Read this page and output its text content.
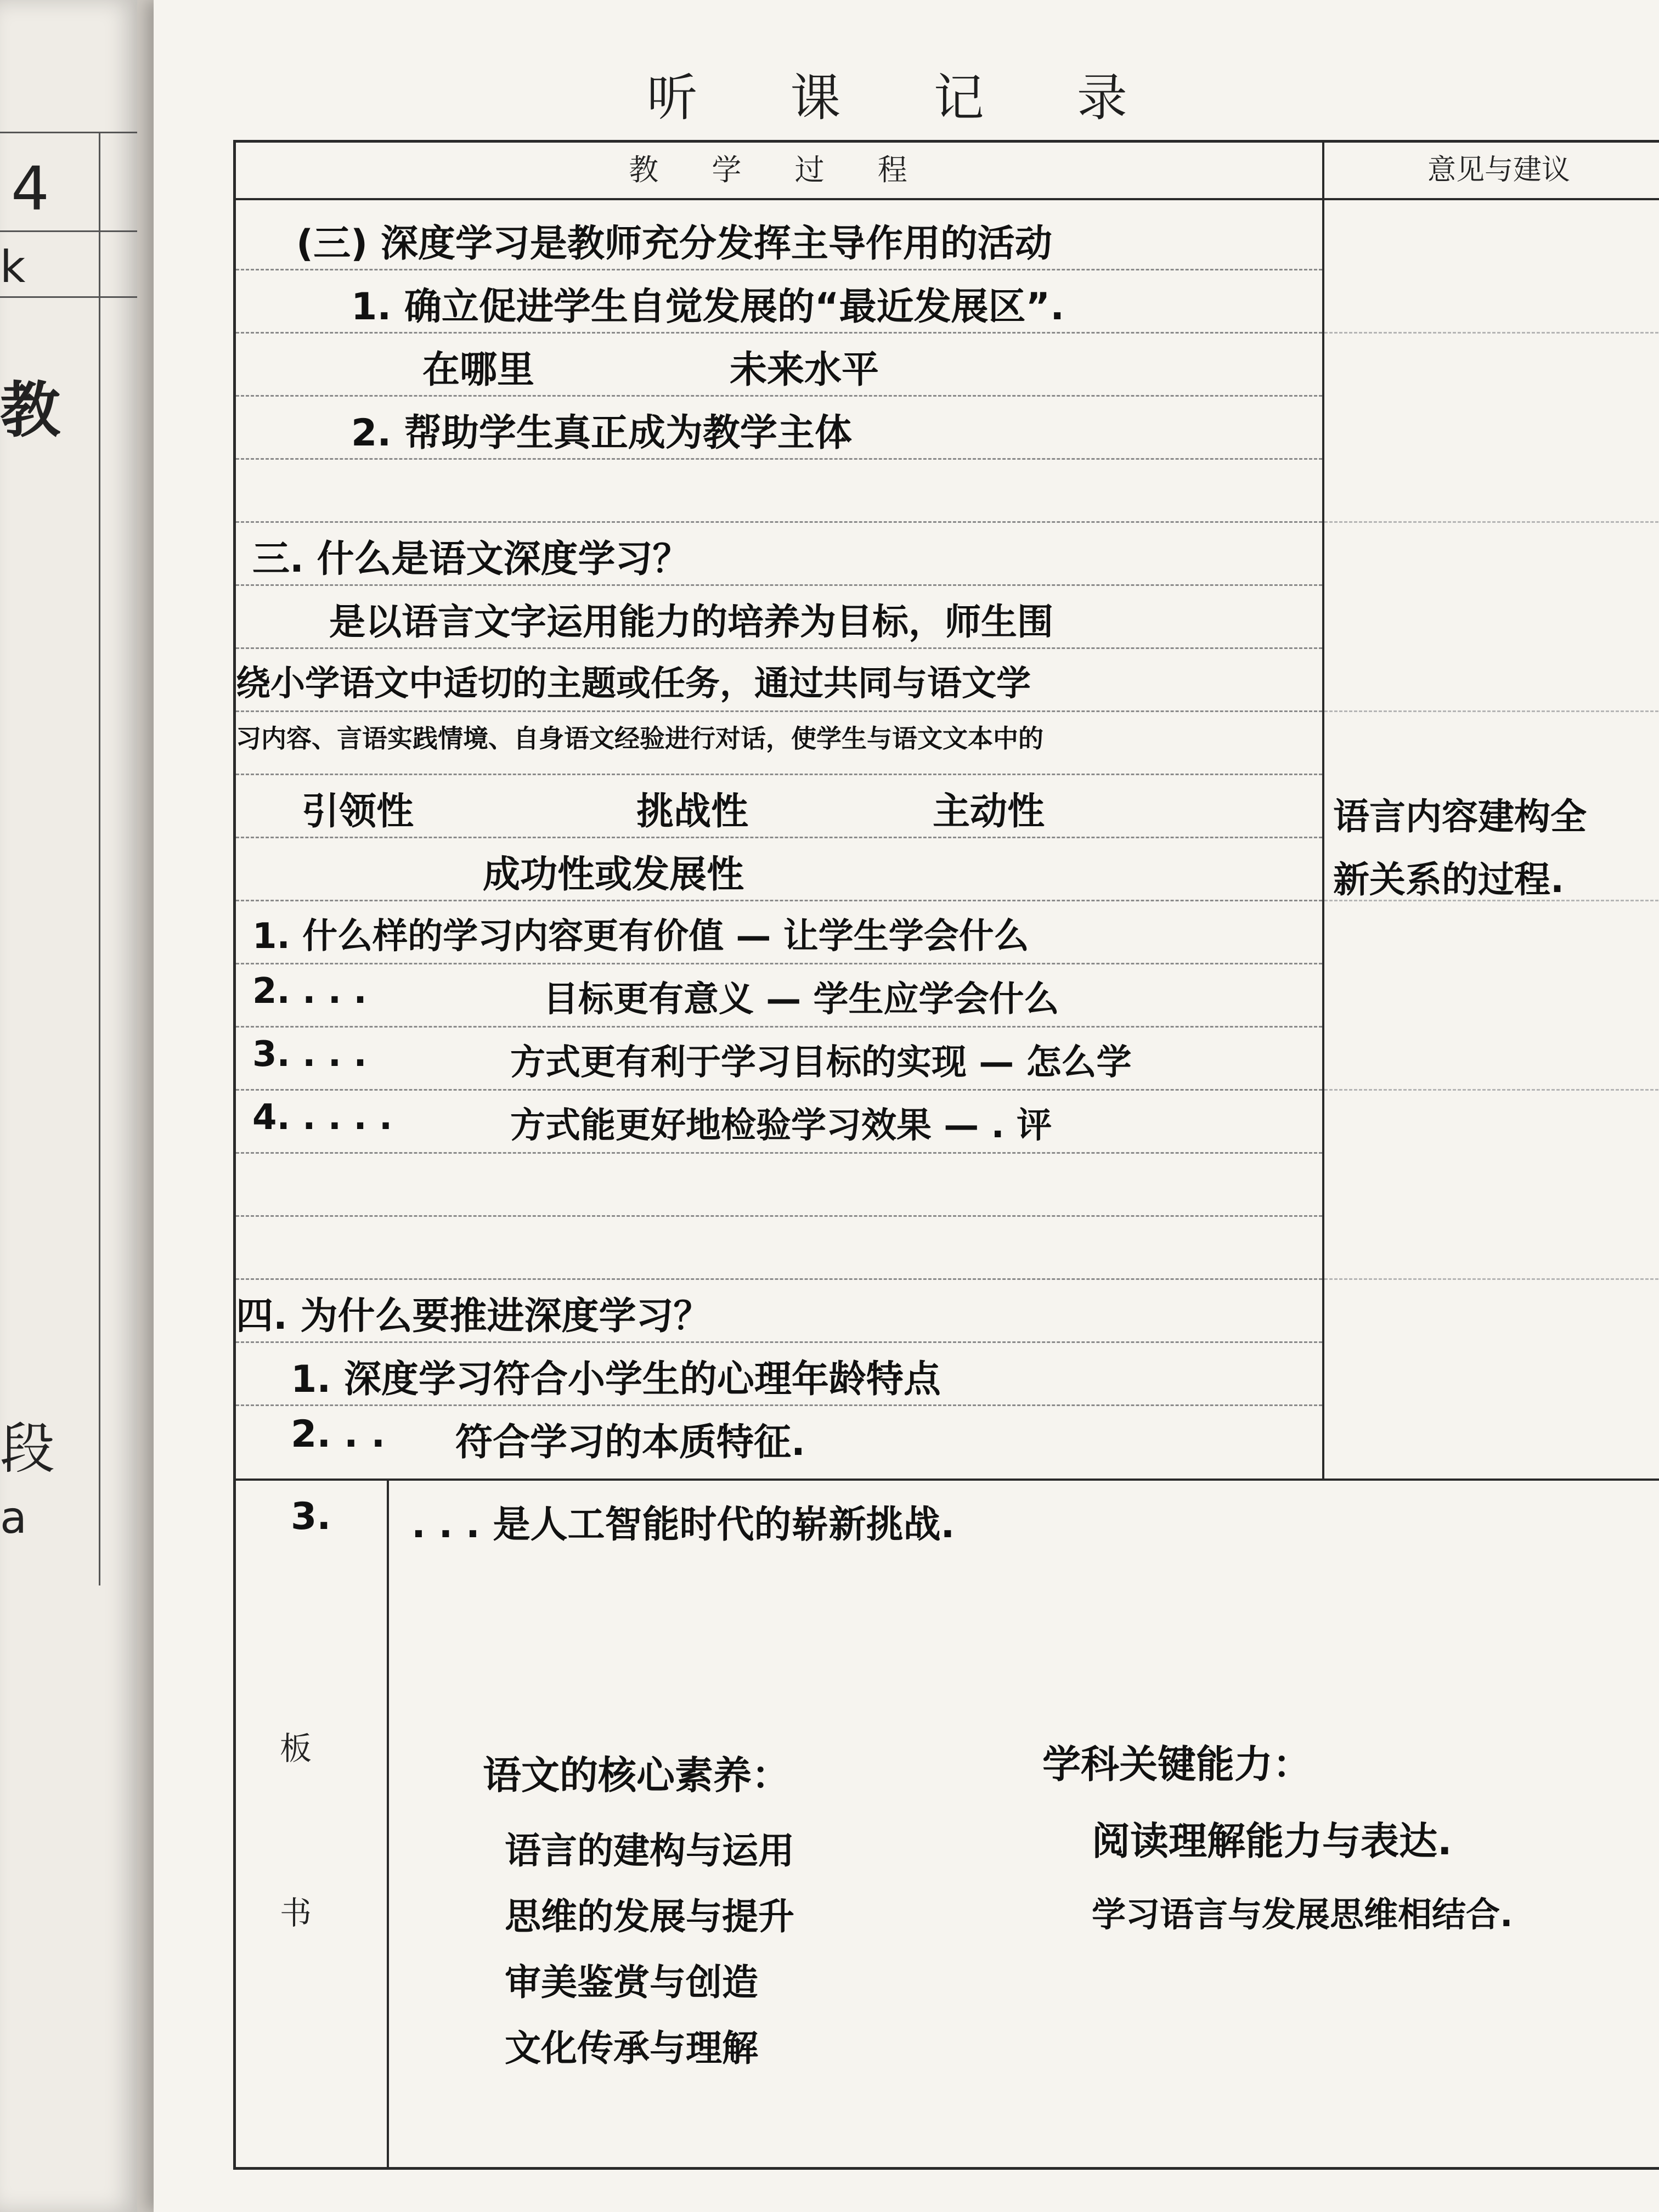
4
k
教
段
a
听 课 记 录
教 学 过 程	意见与建议
(三) 深度学习是教师充分发挥主导作用的活动
1. 确立促进学生自觉发展的“最近发展区”.
在哪里	未来水平
2. 帮助学生真正成为教学主体
三. 什么是语文深度学习？
是以语言文字运用能力的培养为目标，师生围
绕小学语文中适切的主题或任务，通过共同与语文学
习内容、言语实践情境、自身语文经验进行对话，使学生与语文文本中的
引领性	挑战性	主动性
成功性或发展性
1. 什么样的学习内容更有价值 — 让学生学会什么
2. . . .	目标更有意义 — 学生应学会什么
3. . . .	方式更有利于学习目标的实现 — 怎么学
4. . . . .	方式能更好地检验学习效果 — . 评
四. 为什么要推进深度学习？
1. 深度学习符合小学生的心理年龄特点
2. . . 符合学习的本质特征.
3. . . . 是人工智能时代的崭新挑战.
语言内容建构全
新关系的过程.
板
书
语文的核心素养：
语言的建构与运用
思维的发展与提升
审美鉴赏与创造
文化传承与理解
学科关键能力：
阅读理解能力与表达.
学习语言与发展思维相结合.
